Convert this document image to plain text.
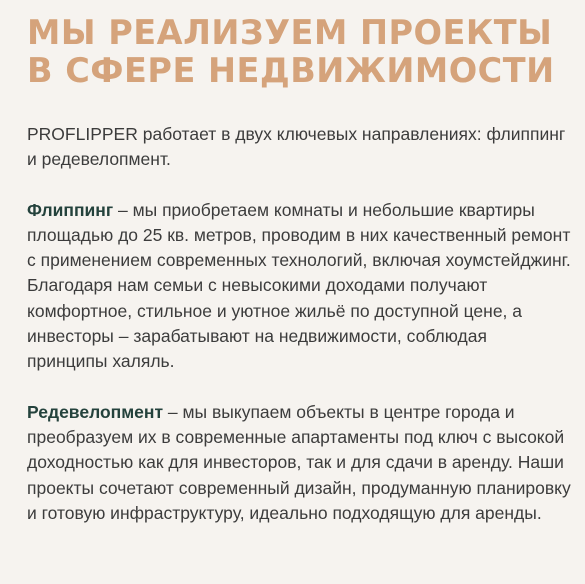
МЫ РЕАЛИЗУЕМ ПРОЕКТЫ
В СФЕРЕ НЕДВИЖИМОСТИ

PROFLIPPER работает в двух ключевых направлениях: флиппинг и редевелопмент.

Флиппинг – мы приобретаем комнаты и небольшие квартиры площадью до 25 кв. метров, проводим в них качественный ремонт с применением современных технологий, включая хоумстейджинг. Благодаря нам семьи с невысокими доходами получают комфортное, стильное и уютное жильё по доступной цене, а инвесторы – зарабатывают на недвижимости, соблюдая принципы халяль.

Редевелопмент – мы выкупаем объекты в центре города и преобразуем их в современные апартаменты под ключ с высокой доходностью как для инвесторов, так и для сдачи в аренду. Наши проекты сочетают современный дизайн, продуманную планировку и готовую инфраструктуру, идеально подходящую для аренды.
